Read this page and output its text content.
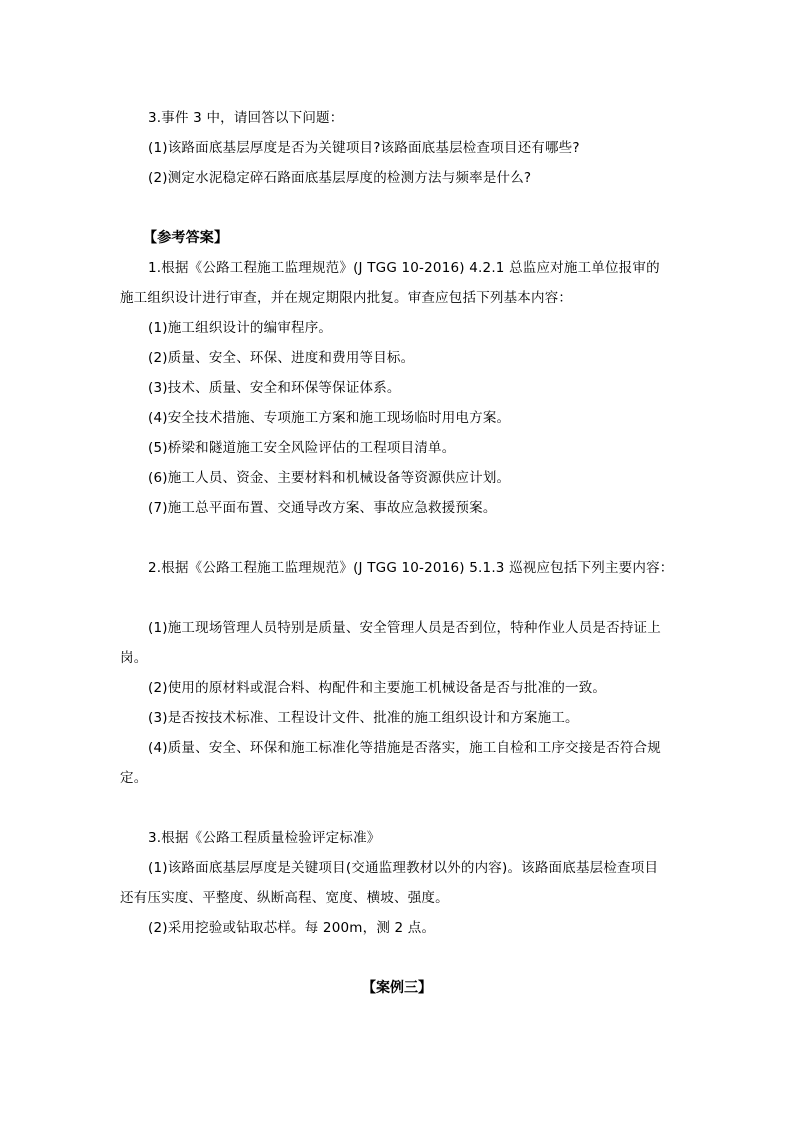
3.事件 3 中，请回答以下问题：
(1)该路面底基层厚度是否为关键项目?该路面底基层检查项目还有哪些?
(2)测定水泥稳定碎石路面底基层厚度的检测方法与频率是什么?
【参考答案】
1.根据《公路工程施工监理规范》(J TGG 10-2016) 4.2.1 总监应对施工单位报审的
施工组织设计进行审查，并在规定期限内批复。审查应包括下列基本内容：
(1)施工组织设计的编审程序。
(2)质量、安全、环保、进度和费用等目标。
(3)技术、质量、安全和环保等保证体系。
(4)安全技术措施、专项施工方案和施工现场临时用电方案。
(5)桥梁和隧道施工安全风险评估的工程项目清单。
(6)施工人员、资金、主要材料和机械设备等资源供应计划。
(7)施工总平面布置、交通导改方案、事故应急救援预案。
2.根据《公路工程施工监理规范》(J TGG 10-2016) 5.1.3 巡视应包括下列主要内容：
(1)施工现场管理人员特别是质量、安全管理人员是否到位，特种作业人员是否持证上
岗。
(2)使用的原材料或混合料、构配件和主要施工机械设备是否与批准的一致。
(3)是否按技术标准、工程设计文件、批准的施工组织设计和方案施工。
(4)质量、安全、环保和施工标准化等措施是否落实，施工自检和工序交接是否符合规
定。
3.根据《公路工程质量检验评定标准》
(1)该路面底基层厚度是关键项目(交通监理教材以外的内容)。该路面底基层检查项目
还有压实度、平整度、纵断高程、宽度、横坡、强度。
(2)采用挖验或钻取芯样。每 200m，测 2 点。
【案例三】
